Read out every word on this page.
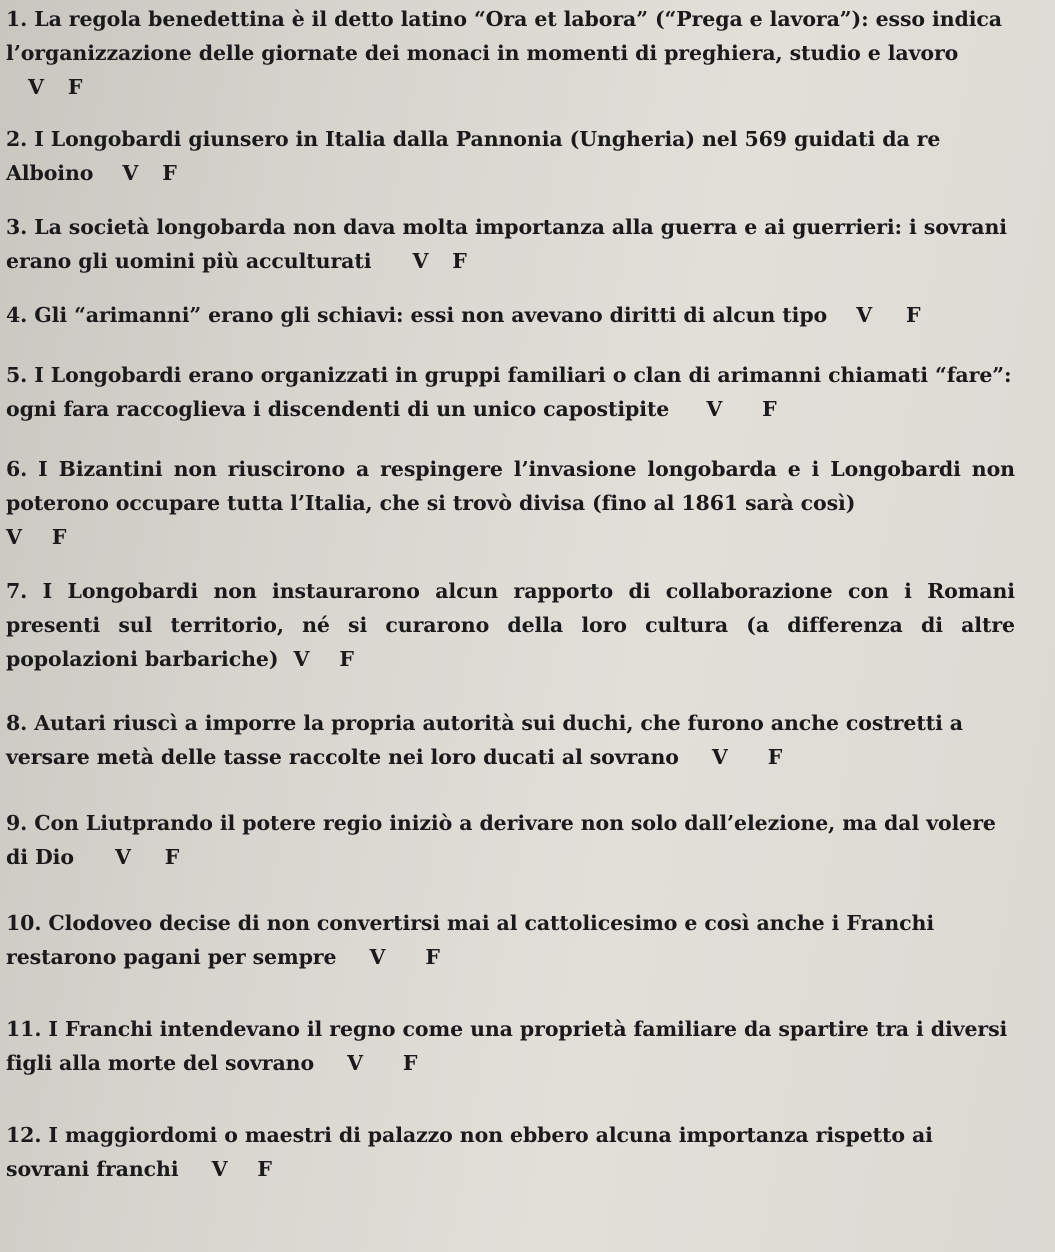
1. La regola benedettina è il detto latino “Ora et labora” (“Prega e lavora”): esso indica l’organizzazione delle giornate dei monaci in momenti di preghiera, studio e lavoro V F
2. I Longobardi giunsero in Italia dalla Pannonia (Ungheria) nel 569 guidati da re Alboino V F
3. La società longobarda non dava molta importanza alla guerra e ai guerrieri: i sovrani erano gli uomini più acculturati V F
4. Gli “arimanni” erano gli schiavi: essi non avevano diritti di alcun tipo V F
5. I Longobardi erano organizzati in gruppi familiari o clan di arimanni chiamati “fare”: ogni fara raccoglieva i discendenti di un unico capostipite V F
6. I Bizantini non riuscirono a respingere l’invasione longobarda e i Longobardi non poterono occupare tutta l’Italia, che si trovò divisa (fino al 1861 sarà così)
V F
7. I Longobardi non instaurarono alcun rapporto di collaborazione con i Romani presenti sul territorio, né si curarono della loro cultura (a differenza di altre popolazioni barbariche) V F
8. Autari riuscì a imporre la propria autorità sui duchi, che furono anche costretti a versare metà delle tasse raccolte nei loro ducati al sovrano V F
9. Con Liutprando il potere regio iniziò a derivare non solo dall’elezione, ma dal volere di Dio V F
10. Clodoveo decise di non convertirsi mai al cattolicesimo e così anche i Franchi restarono pagani per sempre V F
11. I Franchi intendevano il regno come una proprietà familiare da spartire tra i diversi figli alla morte del sovrano V F
12. I maggiordomi o maestri di palazzo non ebbero alcuna importanza rispetto ai sovrani franchi V F
